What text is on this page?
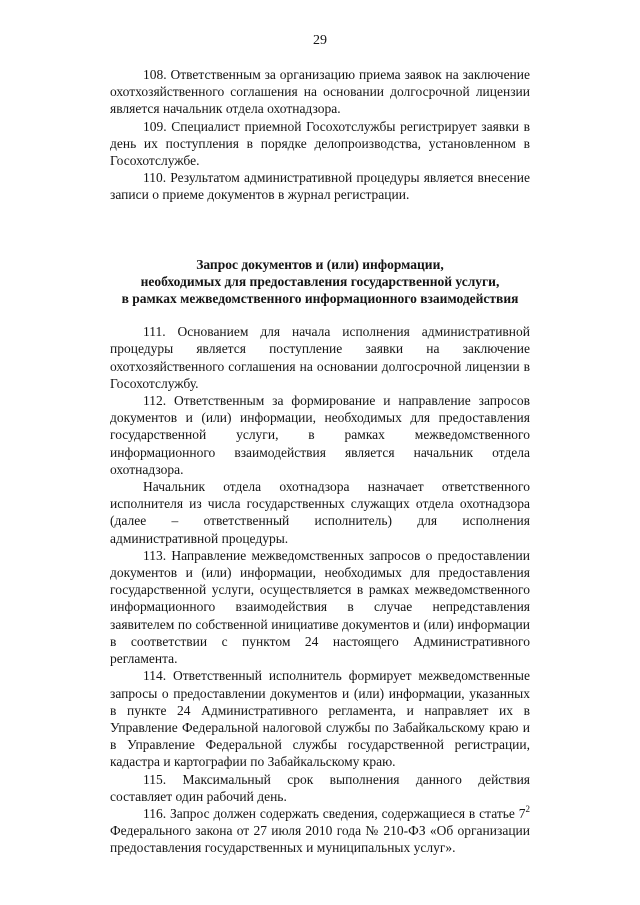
29

108. Ответственным за организацию приема заявок на заключение охотхозяйственного соглашения на основании долгосрочной лицензии является начальник отдела охотнадзора.

109. Специалист приемной Госохотслужбы регистрирует заявки в день их поступления в порядке делопроизводства, установленном в Госохотслужбе.

110. Результатом административной процедуры является внесение записи о приеме документов в журнал регистрации.

Запрос документов и (или) информации,
необходимых для предоставления государственной услуги,
в рамках межведомственного информационного взаимодействия

111. Основанием для начала исполнения административной процедуры является поступление заявки на заключение охотхозяйственного соглашения на основании долгосрочной лицензии в Госохотслужбу.

112. Ответственным за формирование и направление запросов документов и (или) информации, необходимых для предоставления государственной услуги, в рамках межведомственного информационного взаимодействия является начальник отдела охотнадзора.

Начальник отдела охотнадзора назначает ответственного исполнителя из числа государственных служащих отдела охотнадзора (далее – ответственный исполнитель) для исполнения административной процедуры.

113. Направление межведомственных запросов о предоставлении документов и (или) информации, необходимых для предоставления государственной услуги, осуществляется в рамках межведомственного информационного взаимодействия в случае непредставления заявителем по собственной инициативе документов и (или) информации в соответствии с пунктом 24 настоящего Административного регламента.

114. Ответственный исполнитель формирует межведомственные запросы о предоставлении документов и (или) информации, указанных в пункте 24 Административного регламента, и направляет их в Управление Федеральной налоговой службы по Забайкальскому краю и в Управление Федеральной службы государственной регистрации, кадастра и картографии по Забайкальскому краю.

115. Максимальный срок выполнения данного действия составляет один рабочий день.

116. Запрос должен содержать сведения, содержащиеся в статье $7^2$ Федерального закона от 27 июля 2010 года № 210-ФЗ «Об организации предоставления государственных и муниципальных услуг».
